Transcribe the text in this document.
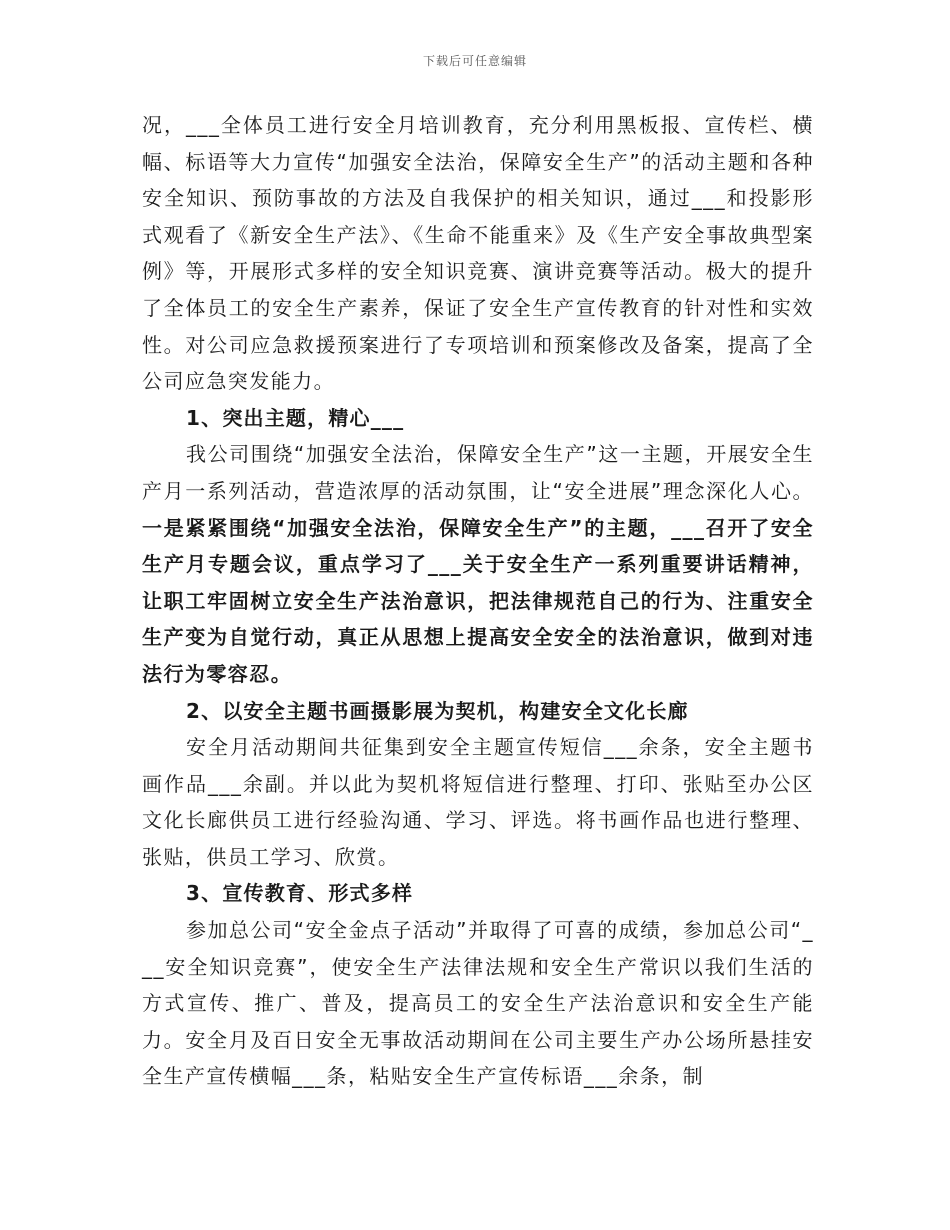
下载后可任意编辑

况，___全体员工进行安全月培训教育，充分利用黑板报、宣传栏、横幅、标语等大力宣传“加强安全法治，保障安全生产”的活动主题和各种安全知识、预防事故的方法及自我保护的相关知识，通过___和投影形式观看了《新安全生产法》、《生命不能重来》及《生产安全事故典型案例》等，开展形式多样的安全知识竞赛、演讲竞赛等活动。极大的提升了全体员工的安全生产素养，保证了安全生产宣传教育的针对性和实效性。对公司应急救援预案进行了专项培训和预案修改及备案，提高了全公司应急突发能力。

1、突出主题，精心___

我公司围绕“加强安全法治，保障安全生产”这一主题，开展安全生产月一系列活动，营造浓厚的活动氛围，让“安全进展”理念深化人心。一是紧紧围绕“加强安全法治，保障安全生产”的主题，___召开了安全生产月专题会议，重点学习了___关于安全生产一系列重要讲话精神，让职工牢固树立安全生产法治意识，把法律规范自己的行为、注重安全生产变为自觉行动，真正从思想上提高安全安全的法治意识，做到对违法行为零容忍。

2、以安全主题书画摄影展为契机，构建安全文化长廊

安全月活动期间共征集到安全主题宣传短信___余条，安全主题书画作品___余副。并以此为契机将短信进行整理、打印、张贴至办公区文化长廊供员工进行经验沟通、学习、评选。将书画作品也进行整理、张贴，供员工学习、欣赏。

3、宣传教育、形式多样

参加总公司“安全金点子活动”并取得了可喜的成绩，参加总公司“___安全知识竞赛”，使安全生产法律法规和安全生产常识以我们生活的方式宣传、推广、普及，提高员工的安全生产法治意识和安全生产能力。安全月及百日安全无事故活动期间在公司主要生产办公场所悬挂安全生产宣传横幅___条，粘贴安全生产宣传标语___余条，制
